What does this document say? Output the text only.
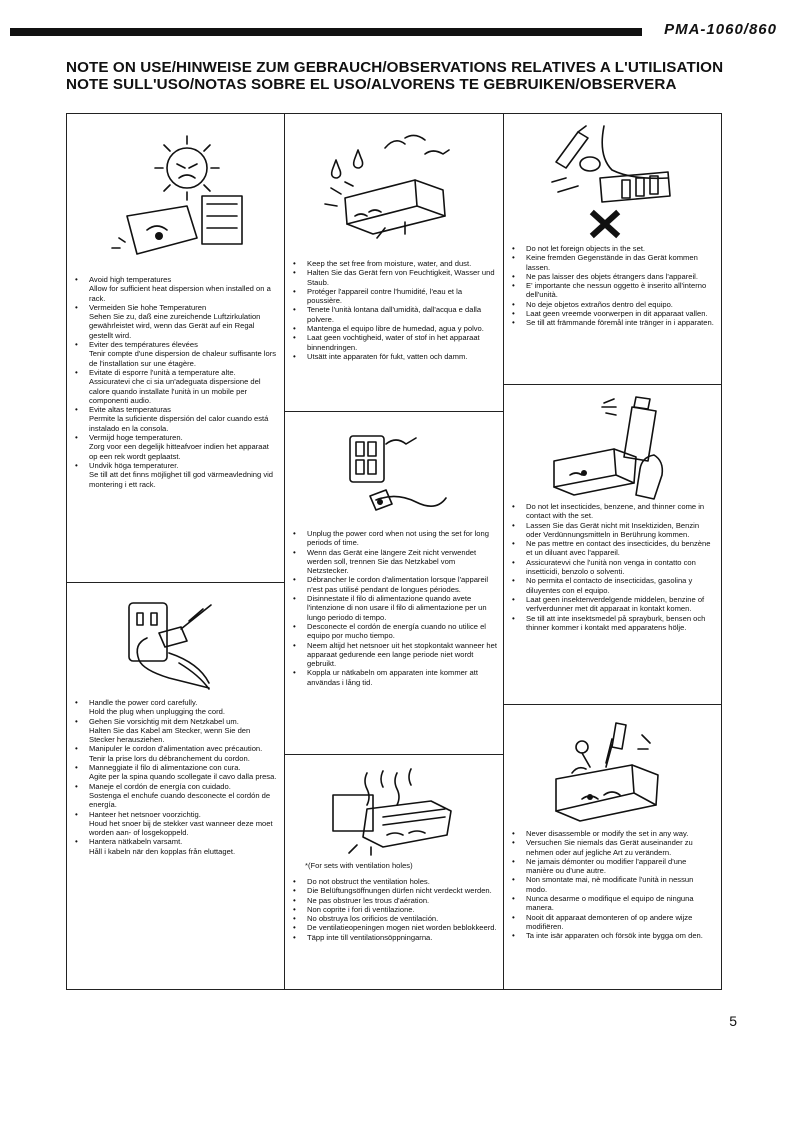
PMA-1060/860
NOTE ON USE/HINWEISE ZUM GEBRAUCH/OBSERVATIONS RELATIVES A L'UTILISATION
NOTE SULL'USO/NOTAS SOBRE EL USO/ALVORENS TE GEBRUIKEN/OBSERVERA
• Avoid high temperatures
Allow for sufficient heat dispersion when installed on a rack.
• Vermeiden Sie hohe Temperaturen
Sehen Sie zu, daß eine zureichende Luftzirkulation gewährleistet wird, wenn das Gerät auf ein Regal gestellt wird.
• Eviter des températures élevées
Tenir compte d'une dispersion de chaleur suffisante lors de l'installation sur une étagère.
• Evitate di esporre l'unità a temperature alte.
Assicuratevi che ci sia un'adeguata dispersione del calore quando installate l'unità in un mobile per componenti audio.
• Evite altas temperaturas
Permite la suficiente dispersión del calor cuando está instalado en la consola.
• Vermijd hoge temperaturen.
Zorg voor een degelijk hitteafvoer indien het apparaat op een rek wordt geplaatst.
• Undvik höga temperaturer.
Se till att det finns möjlighet till god värmeavledning vid montering i ett rack.
• Handle the power cord carefully.
Hold the plug when unplugging the cord.
• Gehen Sie vorsichtig mit dem Netzkabel um.
Halten Sie das Kabel am Stecker, wenn Sie den Stecker herausziehen.
• Manipuler le cordon d'alimentation avec précaution.
Tenir la prise lors du débranchement du cordon.
• Manneggiate il filo di alimentazione con cura.
Agite per la spina quando scollegate il cavo dalla presa.
• Maneje el cordón de energía con cuidado.
Sostenga el enchufe cuando desconecte el cordón de energía.
• Hanteer het netsnoer voorzichtig.
Houd het snoer bij de stekker vast wanneer deze moet worden aan- of losgekoppeld.
• Hantera nätkabeln varsamt.
Håll i kabeln när den kopplas från eluttaget.
• Keep the set free from moisture, water, and dust.
• Halten Sie das Gerät fern von Feuchtigkeit, Wasser und Staub.
• Protéger l'appareil contre l'humidité, l'eau et la poussière.
• Tenete l'unità lontana dall'umidità, dall'acqua e dalla polvere.
• Mantenga el equipo libre de humedad, agua y polvo.
• Laat geen vochtigheid, water of stof in het apparaat binnendringen.
• Utsätt inte apparaten för fukt, vatten och damm.
• Unplug the power cord when not using the set for long periods of time.
• Wenn das Gerät eine längere Zeit nicht verwendet werden soll, trennen Sie das Netzkabel vom Netzstecker.
• Débrancher le cordon d'alimentation lorsque l'appareil n'est pas utilisé pendant de longues périodes.
• Disinnestate il filo di alimentazione quando avete l'intenzione di non usare il filo di alimentazione per un lungo periodo di tempo.
• Desconecte el cordón de energía cuando no utilice el equipo por mucho tiempo.
• Neem altijd het netsnoer uit het stopkontakt wanneer het apparaat gedurende een lange periode niet wordt gebruikt.
• Koppla ur nätkabeln om apparaten inte kommer att användas i lång tid.
*(For sets with ventilation holes)
• Do not obstruct the ventilation holes.
• Die Belüftungsöffnungen dürfen nicht verdeckt werden.
• Ne pas obstruer les trous d'aération.
• Non coprite i fori di ventilazione.
• No obstruya los orificios de ventilación.
• De ventilatieopeningen mogen niet worden beblokkeerd.
• Täpp inte till ventilationsöppningarna.
• Do not let foreign objects in the set.
• Keine fremden Gegenstände in das Gerät kommen lassen.
• Ne pas laisser des objets étrangers dans l'appareil.
• E' importante che nessun oggetto è inserito all'interno dell'unità.
• No deje objetos extraños dentro del equipo.
• Laat geen vreemde voorwerpen in dit apparaat vallen.
• Se till att främmande föremål inte tränger in i apparaten.
• Do not let insecticides, benzene, and thinner come in contact with the set.
• Lassen Sie das Gerät nicht mit Insektiziden, Benzin oder Verdünnungsmitteln in Berührung kommen.
• Ne pas mettre en contact des insecticides, du benzène et un diluant avec l'appareil.
• Assicuratevvi che l'unità non venga in contatto con insetticidi, benzolo o solventi.
• No permita el contacto de insecticidas, gasolina y diluyentes con el equipo.
• Laat geen insektenverdelgende middelen, benzine of verfverdunner met dit apparaat in kontakt komen.
• Se till att inte insektsmedel på sprayburk, bensen och thinner kommer i kontakt med apparatens hölje.
• Never disassemble or modify the set in any way.
• Versuchen Sie niemals das Gerät auseinander zu nehmen oder auf jegliche Art zu verändern.
• Ne jamais démonter ou modifier l'appareil d'une manière ou d'une autre.
• Non smontate mai, nè modificate l'unità in nessun modo.
• Nunca desarme o modifique el equipo de ninguna manera.
• Nooit dit apparaat demonteren of op andere wijze modifiëren.
• Ta inte isär apparaten och försök inte bygga om den.
5
